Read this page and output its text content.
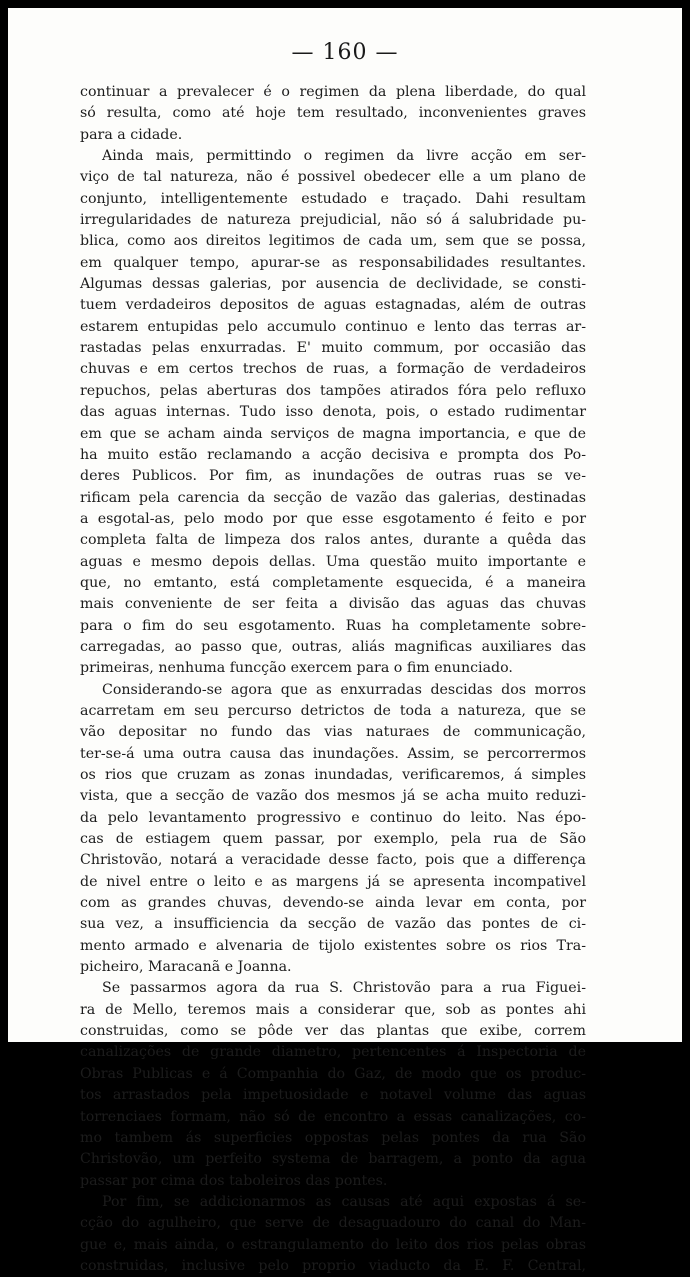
— 160 —
continuar a prevalecer é o regimen da plena liberdade, do qual
só resulta, como até hoje tem resultado, inconvenientes graves
para a cidade.
Ainda mais, permittindo o regimen da livre acção em ser-
viço de tal natureza, não é possivel obedecer elle a um plano de
conjunto, intelligentemente estudado e traçado. Dahi resultam
irregularidades de natureza prejudicial, não só á salubridade pu-
blica, como aos direitos legitimos de cada um, sem que se possa,
em qualquer tempo, apurar-se as responsabilidades resultantes.
Algumas dessas galerias, por ausencia de declividade, se consti-
tuem verdadeiros depositos de aguas estagnadas, além de outras
estarem entupidas pelo accumulo continuo e lento das terras ar-
rastadas pelas enxurradas. E' muito commum, por occasião das
chuvas e em certos trechos de ruas, a formação de verdadeiros
repuchos, pelas aberturas dos tampões atirados fóra pelo refluxo
das aguas internas. Tudo isso denota, pois, o estado rudimentar
em que se acham ainda serviços de magna importancia, e que de
ha muito estão reclamando a acção decisiva e prompta dos Po-
deres Publicos. Por fim, as inundações de outras ruas se ve-
rificam pela carencia da secção de vazão das galerias, destinadas
a esgotal-as, pelo modo por que esse esgotamento é feito e por
completa falta de limpeza dos ralos antes, durante a quêda das
aguas e mesmo depois dellas. Uma questão muito importante e
que, no emtanto, está completamente esquecida, é a maneira
mais conveniente de ser feita a divisão das aguas das chuvas
para o fim do seu esgotamento. Ruas ha completamente sobre-
carregadas, ao passo que, outras, aliás magnificas auxiliares das
primeiras, nenhuma funcção exercem para o fim enunciado.
Considerando-se agora que as enxurradas descidas dos morros
acarretam em seu percurso detrictos de toda a natureza, que se
vão depositar no fundo das vias naturaes de communicação,
ter-se-á uma outra causa das inundações. Assim, se percorrermos
os rios que cruzam as zonas inundadas, verificaremos, á simples
vista, que a secção de vazão dos mesmos já se acha muito reduzi-
da pelo levantamento progressivo e continuo do leito. Nas épo-
cas de estiagem quem passar, por exemplo, pela rua de São
Christovão, notará a veracidade desse facto, pois que a differença
de nivel entre o leito e as margens já se apresenta incompativel
com as grandes chuvas, devendo-se ainda levar em conta, por
sua vez, a insufficiencia da secção de vazão das pontes de ci-
mento armado e alvenaria de tijolo existentes sobre os rios Tra-
picheiro, Maracanã e Joanna.
Se passarmos agora da rua S. Christovão para a rua Figuei-
ra de Mello, teremos mais a considerar que, sob as pontes ahi
construidas, como se pôde ver das plantas que exibe, correm
canalizações de grande diametro, pertencentes á Inspectoria de
Obras Publicas e á Companhia do Gaz, de modo que os produc-
tos arrastados pela impetuosidade e notavel volume das aguas
torrenciaes formam, não só de encontro a essas canalizações, co-
mo tambem ás superficies oppostas pelas pontes da rua São
Christovão, um perfeito systema de barragem, a ponto da agua
passar por cima dos taboleiros das pontes.
Por fim, se addicionarmos as causas até aqui expostas á se-
cção do agulheiro, que serve de desaguadouro do canal do Man-
gue e, mais ainda, o estrangulamento do leito dos rios pelas obras
construidas, inclusive pelo proprio viaducto da E. F. Central,
